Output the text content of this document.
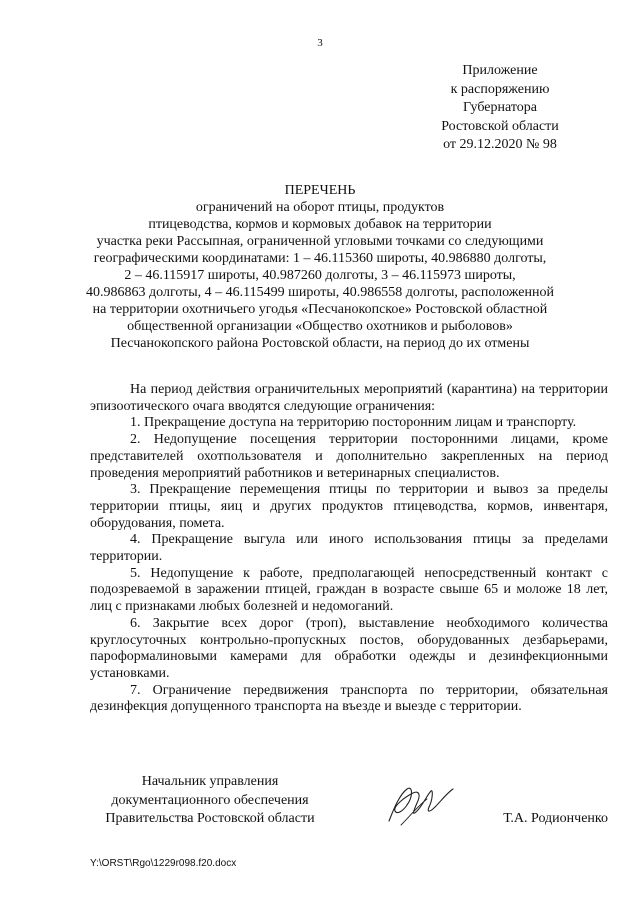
3
Приложение
к распоряжению
Губернатора
Ростовской области
от 29.12.2020 № 98
ПЕРЕЧЕНЬ
ограничений на оборот птицы, продуктов
птицеводства, кормов и кормовых добавок на территории
участка реки Рассыпная, ограниченной угловыми точками со следующими
географическими координатами: 1 – 46.115360 широты, 40.986880 долготы,
2 – 46.115917 широты, 40.987260 долготы, 3 – 46.115973 широты,
40.986863 долготы, 4 – 46.115499 широты, 40.986558 долготы, расположенной
на территории охотничьего угодья «Песчанокопское» Ростовской областной
общественной организации «Общество охотников и рыболовов»
Песчанокопского района Ростовской области, на период до их отмены

На период действия ограничительных мероприятий (карантина) на территории эпизоотического очага вводятся следующие ограничения:

1. Прекращение доступа на территорию посторонним лицам и транспорту.

2. Недопущение посещения территории посторонними лицами, кроме представителей охотпользователя и дополнительно закрепленных на период проведения мероприятий работников и ветеринарных специалистов.

3. Прекращение перемещения птицы по территории и вывоз за пределы территории птицы, яиц и других продуктов птицеводства, кормов, инвентаря, оборудования, помета.

4. Прекращение выгула или иного использования птицы за пределами территории.

5. Недопущение к работе, предполагающей непосредственный контакт с подозреваемой в заражении птицей, граждан в возрасте свыше 65 и моложе 18 лет, лиц с признаками любых болезней и недомоганий.

6. Закрытие всех дорог (троп), выставление необходимого количества круглосуточных контрольно-пропускных постов, оборудованных дезбарьерами, пароформалиновыми камерами для обработки одежды и дезинфекционными установками.

7. Ограничение передвижения транспорта по территории, обязательная дезинфекция допущенного транспорта на въезде и выезде с территории.

Начальник управления
документационного обеспечения
Правительства Ростовской области	Т.А. Родионченко
Y:\ORST\Rgo\1229r098.f20.docx
